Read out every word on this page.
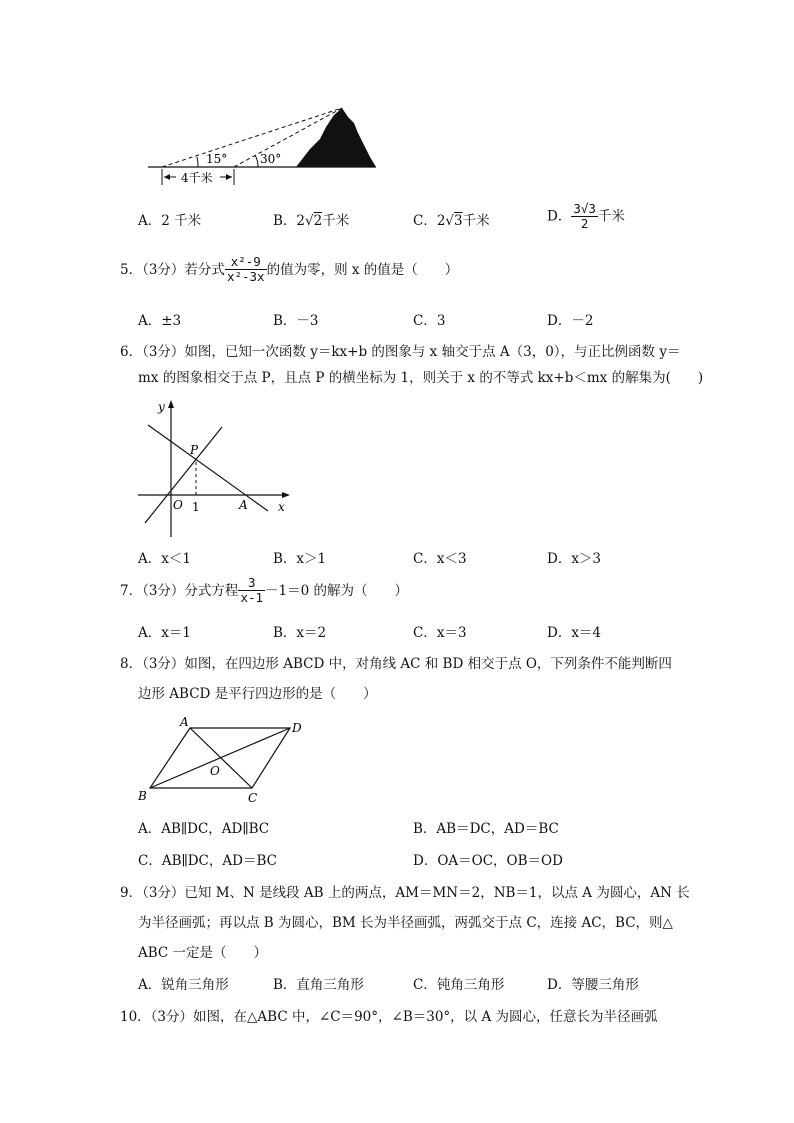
15°	30°
4千米
A．2 千米	B．2√2千米	C．2√3千米	D． $\frac{3√3}{2}$ 千米
5．（3分）若分式 $\frac{\text{x²-9}}{\text{x²-3x}}$ 的值为零，则 x 的值是（　　）
A．±3	B．－3	C．3	D．－2
6．（3分）如图，已知一次函数 y＝kx+b 的图象与 x 轴交于点 A（3，0），与正比例函数 y＝
mx 的图象相交于点 P，且点 P 的横坐标为 1，则关于 x 的不等式 kx+b＜mx 的解集为(　　)
y
x
P
O 1	A
A．x＜1	B．x＞1	C．x＜3	D．x＞3
7．（3分）分式方程 $\frac{3}{x-1} -1=0$ 的解为（　　）
A．x＝1	B．x＝2	C．x＝3	D．x＝4
8．（3分）如图，在四边形 ABCD 中，对角线 AC 和 BD 相交于点 O，下列条件不能判断四
边形 ABCD 是平行四边形的是（　　）
A	D
B	C
O
A．AB∥DC，AD∥BC	B．AB＝DC，AD＝BC
C．AB∥DC，AD＝BC	D．OA＝OC，OB＝OD
9．（3分）已知 M、N 是线段 AB 上的两点，AM＝MN＝2，NB＝1，以点 A 为圆心，AN 长
为半径画弧；再以点 B 为圆心，BM 长为半径画弧，两弧交于点 C，连接 AC，BC，则△
ABC 一定是（　　）
A．锐角三角形	B．直角三角形	C．钝角三角形	D．等腰三角形
10．（3分）如图，在△ABC 中，∠C＝90°，∠B＝30°，以 A 为圆心，任意长为半径画弧
